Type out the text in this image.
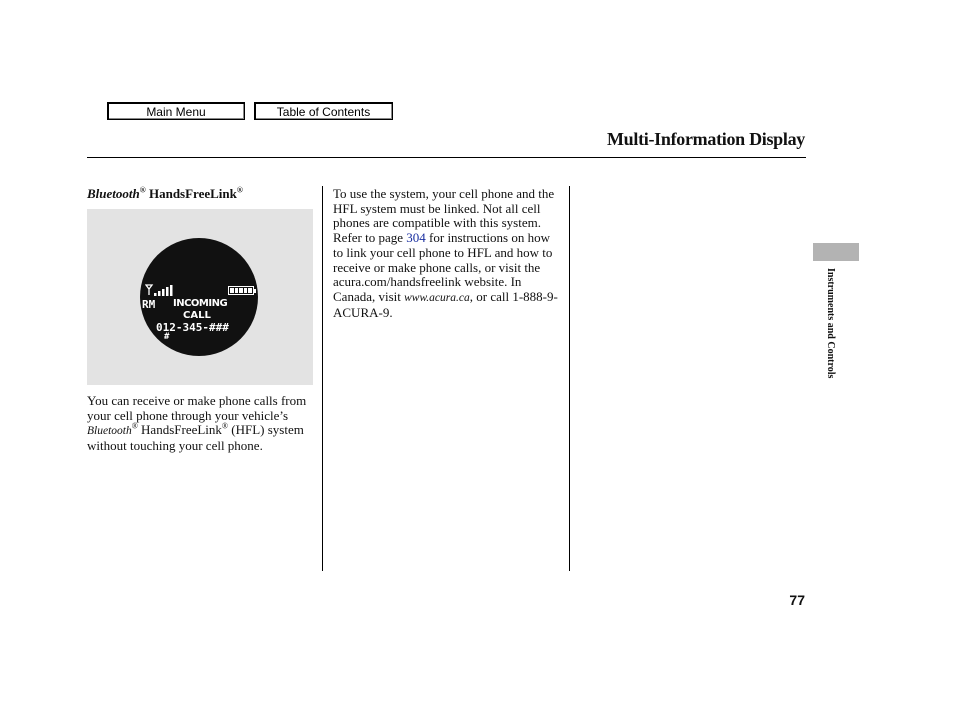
Main Menu	Table of Contents
Multi-Information Display
Bluetooth® HandsFreeLink®
RM INCOMING
CALL
012-345-###
#
You can receive or make phone calls from your cell phone through your vehicle’s Bluetooth® HandsFreeLink® (HFL) system without touching your cell phone.
To use the system, your cell phone and the HFL system must be linked. Not all cell phones are compatible with this system. Refer to page 304 for instructions on how to link your cell phone to HFL and how to receive or make phone calls, or visit the acura.com/handsfreelink website. In Canada, visit www.acura.ca, or call 1-888-9-ACURA-9.	Instruments and Controls
77
